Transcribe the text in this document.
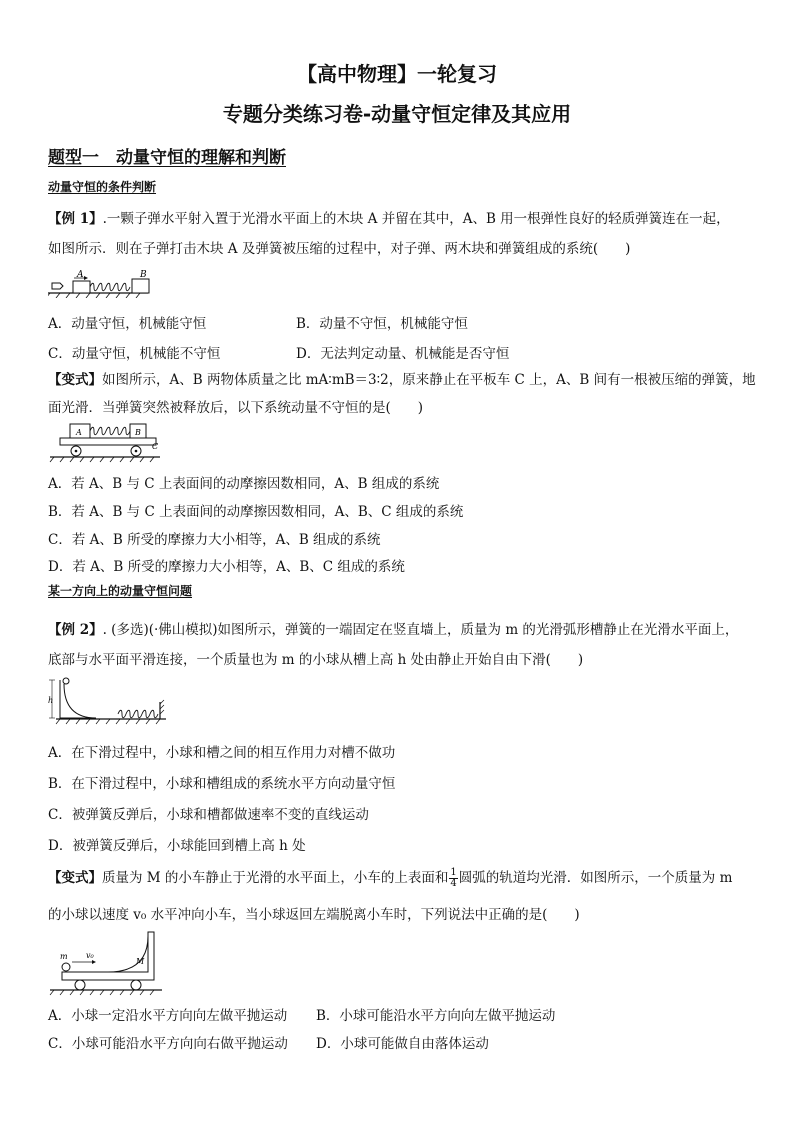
【高中物理】一轮复习
专题分类练习卷-动量守恒定律及其应用
题型一　动量守恒的理解和判断
动量守恒的条件判断
【例 1】.一颗子弹水平射入置于光滑水平面上的木块 A 并留在其中，A、B 用一根弹性良好的轻质弹簧连在一起，
如图所示．则在子弹打击木块 A 及弹簧被压缩的过程中，对子弹、两木块和弹簧组成的系统(　　)
A	B
A．动量守恒，机械能守恒	B．动量不守恒，机械能守恒
C．动量守恒，机械能不守恒	D．无法判定动量、机械能是否守恒
【变式】如图所示，A、B 两物体质量之比 mA∶mB＝3∶2，原来静止在平板车 C 上，A、B 间有一根被压缩的弹簧，地
面光滑．当弹簧突然被释放后，以下系统动量不守恒的是(　　)
A	B
C
A．若 A、B 与 C 上表面间的动摩擦因数相同，A、B 组成的系统
B．若 A、B 与 C 上表面间的动摩擦因数相同，A、B、C 组成的系统
C．若 A、B 所受的摩擦力大小相等，A、B 组成的系统
D．若 A、B 所受的摩擦力大小相等，A、B、C 组成的系统
某一方向上的动量守恒问题
【例 2】. (多选)(·佛山模拟)如图所示，弹簧的一端固定在竖直墙上，质量为 m 的光滑弧形槽静止在光滑水平面上，
底部与水平面平滑连接，一个质量也为 m 的小球从槽上高 h 处由静止开始自由下滑(　　)
h
A．在下滑过程中，小球和槽之间的相互作用力对槽不做功
B．在下滑过程中，小球和槽组成的系统水平方向动量守恒
C．被弹簧反弹后，小球和槽都做速率不变的直线运动
D．被弹簧反弹后，小球能回到槽上高 h 处
【变式】质量为 M 的小车静止于光滑的水平面上，小车的上表面和 $\frac{1}{4}$ 圆弧的轨道均光滑．如图所示，一个质量为 m
的小球以速度 v₀ 水平冲向小车，当小球返回左端脱离小车时，下列说法中正确的是(　　)
m v₀
M
A．小球一定沿水平方向向左做平抛运动 B．小球可能沿水平方向向左做平抛运动
C．小球可能沿水平方向向右做平抛运动 D．小球可能做自由落体运动
